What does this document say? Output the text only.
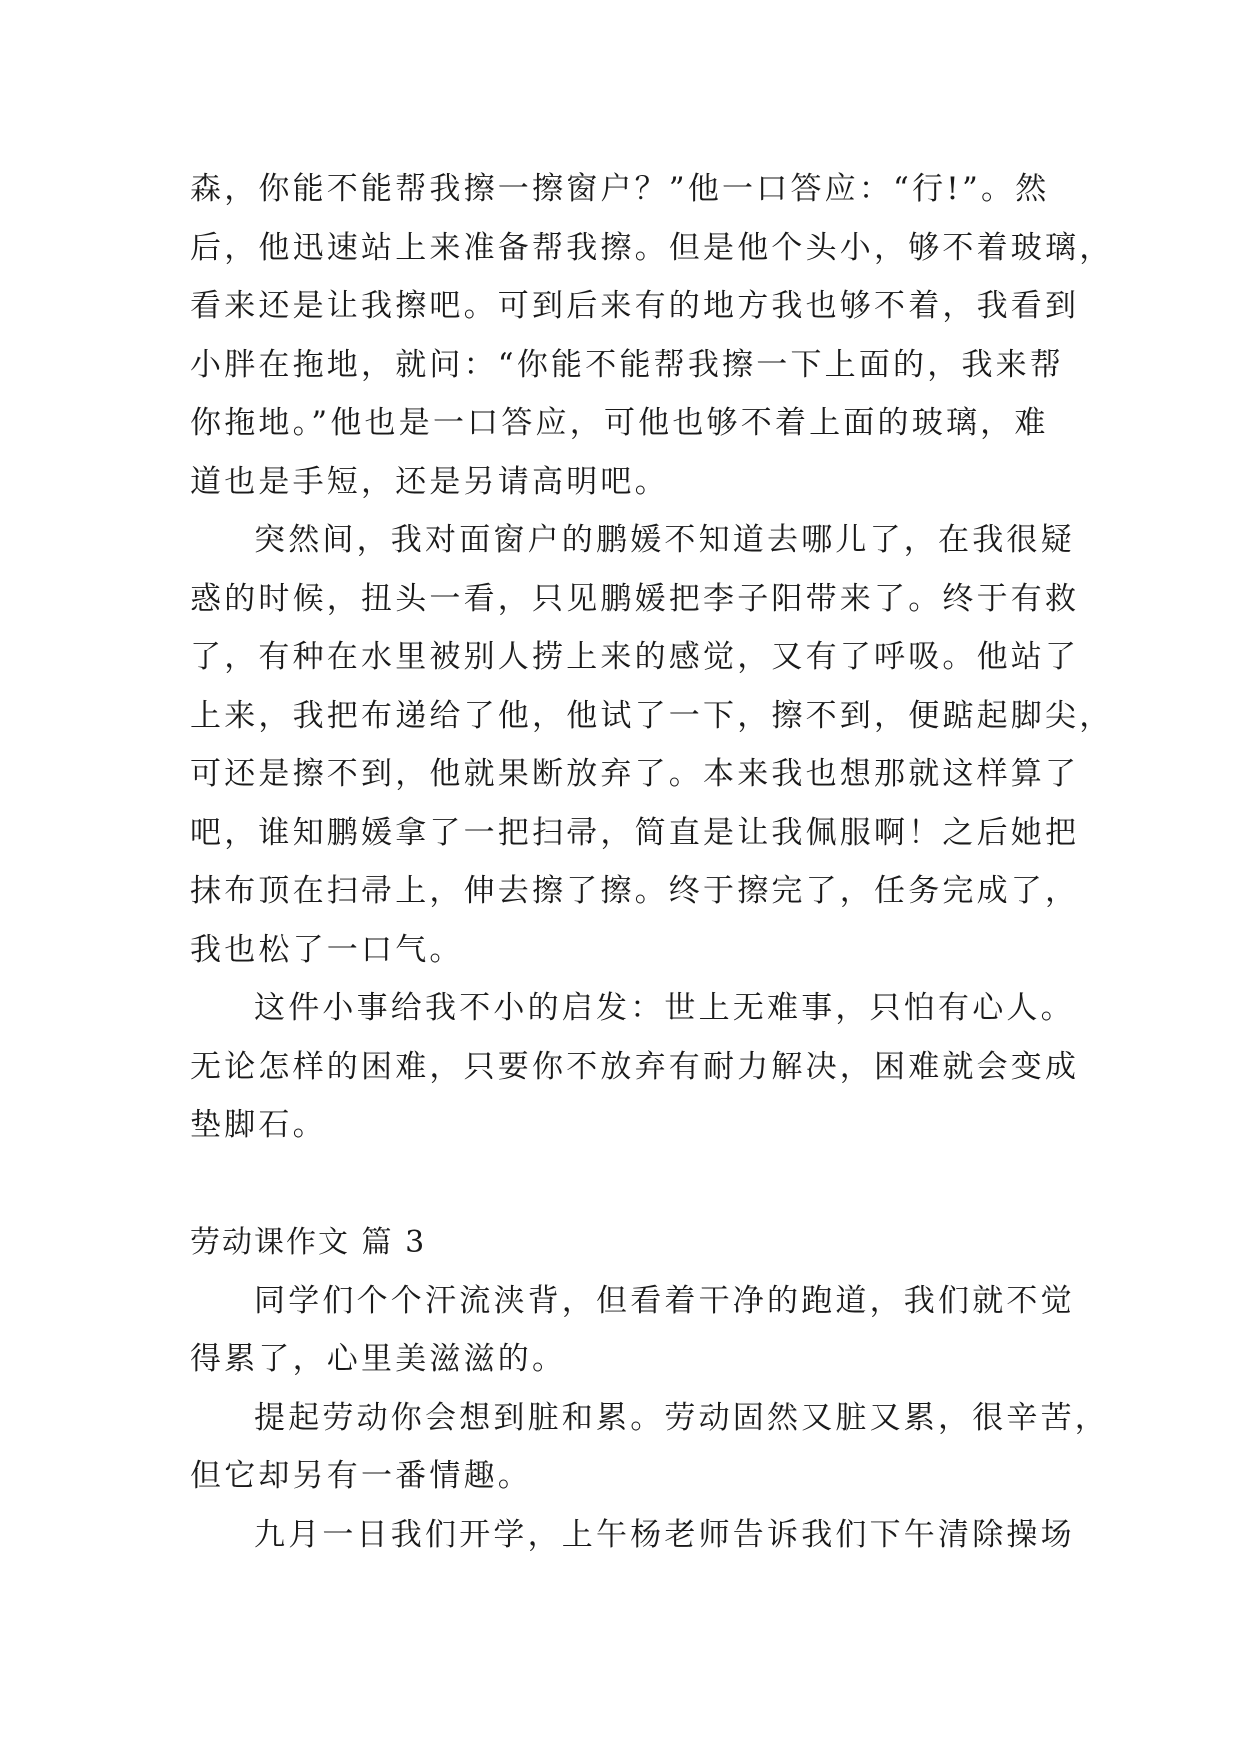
森，你能不能帮我擦一擦窗户？”他一口答应：“行!”。然
后，他迅速站上来准备帮我擦。但是他个头小，够不着玻璃，
看来还是让我擦吧。可到后来有的地方我也够不着，我看到
小胖在拖地，就问：“你能不能帮我擦一下上面的，我来帮
你拖地。”他也是一口答应，可他也够不着上面的玻璃，难
道也是手短，还是另请高明吧。
突然间，我对面窗户的鹏媛不知道去哪儿了，在我很疑
惑的时候，扭头一看，只见鹏媛把李子阳带来了。终于有救
了，有种在水里被别人捞上来的感觉，又有了呼吸。他站了
上来，我把布递给了他，他试了一下，擦不到，便踮起脚尖，
可还是擦不到，他就果断放弃了。本来我也想那就这样算了
吧，谁知鹏媛拿了一把扫帚，简直是让我佩服啊！之后她把
抹布顶在扫帚上，伸去擦了擦。终于擦完了，任务完成了，
我也松了一口气。
这件小事给我不小的启发：世上无难事，只怕有心人。
无论怎样的困难，只要你不放弃有耐力解决，困难就会变成
垫脚石。
劳动课作文 篇 3
同学们个个汗流浃背，但看着干净的跑道，我们就不觉
得累了，心里美滋滋的。
提起劳动你会想到脏和累。劳动固然又脏又累，很辛苦，
但它却另有一番情趣。
九月一日我们开学，上午杨老师告诉我们下午清除操场
